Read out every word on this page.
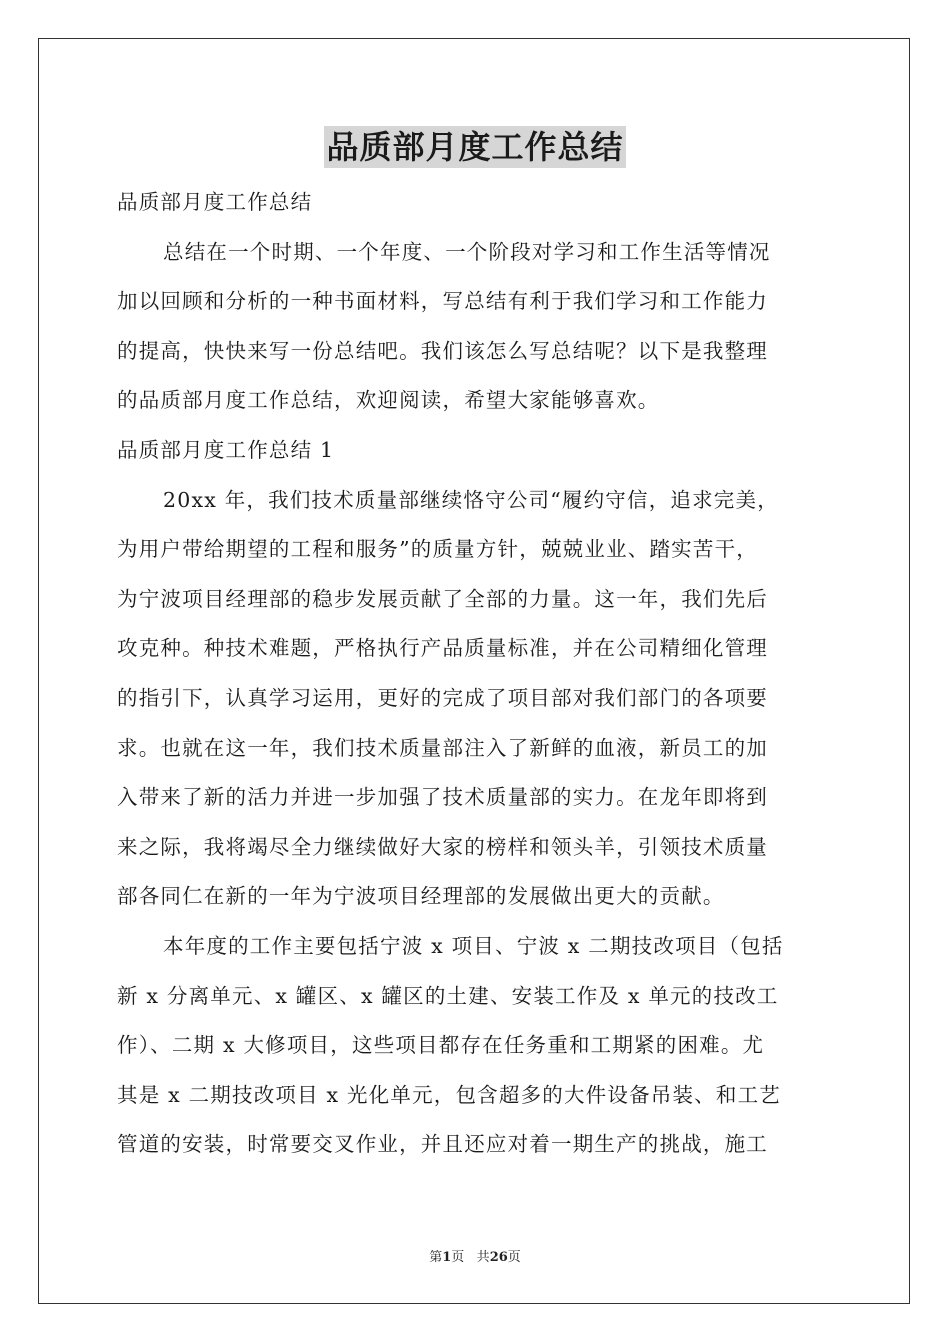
品质部月度工作总结
品质部月度工作总结
总结在一个时期、一个年度、一个阶段对学习和工作生活等情况
加以回顾和分析的一种书面材料，写总结有利于我们学习和工作能力
的提高，快快来写一份总结吧。我们该怎么写总结呢？以下是我整理
的品质部月度工作总结，欢迎阅读，希望大家能够喜欢。
品质部月度工作总结 1
20xx 年，我们技术质量部继续恪守公司“履约守信，追求完美，
为用户带给期望的工程和服务”的质量方针，兢兢业业、踏实苦干，
为宁波项目经理部的稳步发展贡献了全部的力量。这一年，我们先后
攻克种。种技术难题，严格执行产品质量标准，并在公司精细化管理
的指引下，认真学习运用，更好的完成了项目部对我们部门的各项要
求。也就在这一年，我们技术质量部注入了新鲜的血液，新员工的加
入带来了新的活力并进一步加强了技术质量部的实力。在龙年即将到
来之际，我将竭尽全力继续做好大家的榜样和领头羊，引领技术质量
部各同仁在新的一年为宁波项目经理部的发展做出更大的贡献。
本年度的工作主要包括宁波 x 项目、宁波 x 二期技改项目（包括
新 x 分离单元、x 罐区、x 罐区的土建、安装工作及 x 单元的技改工
作）、二期 x 大修项目，这些项目都存在任务重和工期紧的困难。尤
其是 x 二期技改项目 x 光化单元，包含超多的大件设备吊装、和工艺
管道的安装，时常要交叉作业，并且还应对着一期生产的挑战，施工
第1页 共26页
